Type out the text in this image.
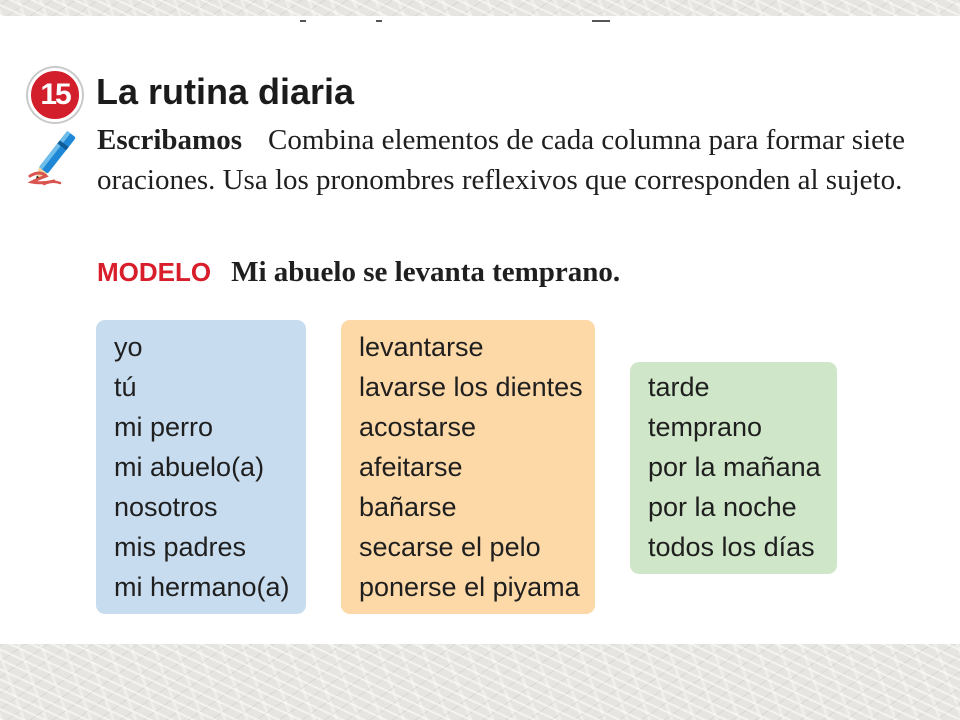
15 La rutina diaria
Escribamos Combina elementos de cada columna para formar siete oraciones. Usa los pronombres reflexivos que corresponden al sujeto.
MODELO Mi abuelo se levanta temprano.
yo
tú
mi perro
mi abuelo(a)
nosotros
mis padres
mi hermano(a)
levantarse
lavarse los dientes
acostarse
afeitarse
bañarse
secarse el pelo
ponerse el piyama
tarde
temprano
por la mañana
por la noche
todos los días
